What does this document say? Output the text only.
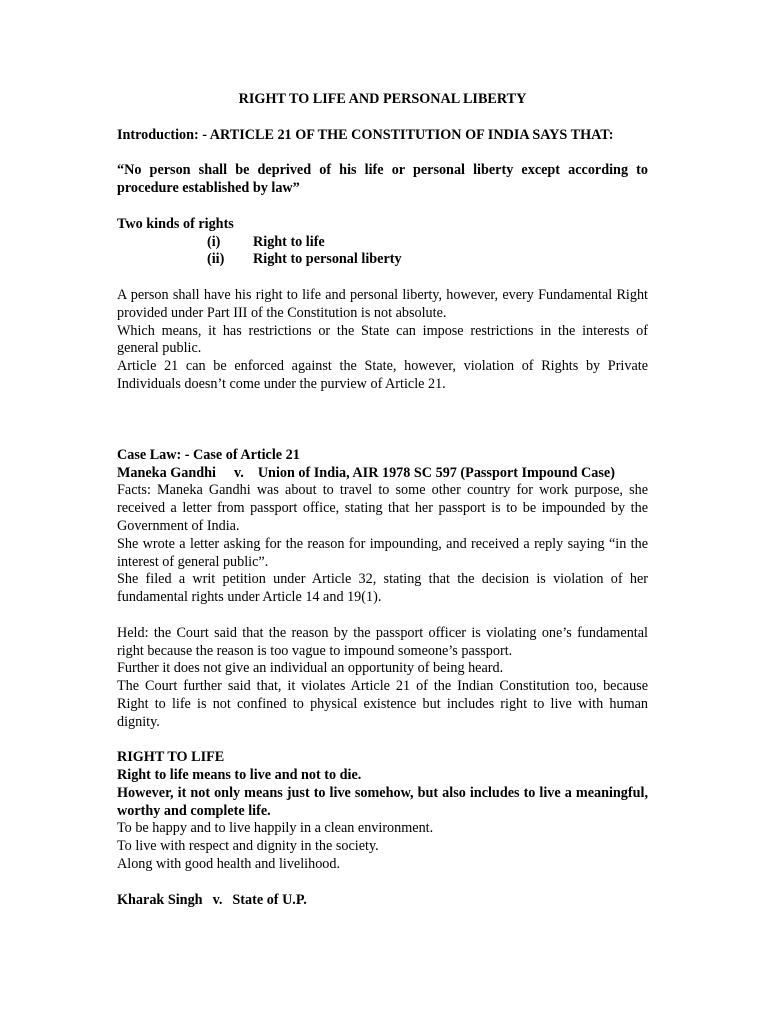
RIGHT TO LIFE AND PERSONAL LIBERTY

Introduction: - ARTICLE 21 OF THE CONSTITUTION OF INDIA SAYS THAT:

“No person shall be deprived of his life or personal liberty except according to procedure established by law”

Two kinds of rights

(i)	Right to life
(ii)	Right to personal liberty

A person shall have his right to life and personal liberty, however, every Fundamental Right provided under Part III of the Constitution is not absolute.

Which means, it has restrictions or the State can impose restrictions in the interests of general public.

Article 21 can be enforced against the State, however, violation of Rights by Private Individuals doesn’t come under the purview of Article 21.

Case Law: - Case of Article 21

Maneka Gandhi v. Union of India, AIR 1978 SC 597 (Passport Impound Case)

Facts: Maneka Gandhi was about to travel to some other country for work purpose, she received a letter from passport office, stating that her passport is to be impounded by the Government of India.

She wrote a letter asking for the reason for impounding, and received a reply saying “in the interest of general public”.

She filed a writ petition under Article 32, stating that the decision is violation of her fundamental rights under Article 14 and 19(1).

Held: the Court said that the reason by the passport officer is violating one’s fundamental right because the reason is too vague to impound someone’s passport.

Further it does not give an individual an opportunity of being heard.

The Court further said that, it violates Article 21 of the Indian Constitution too, because Right to life is not confined to physical existence but includes right to live with human dignity.

RIGHT TO LIFE

Right to life means to live and not to die.

However, it not only means just to live somehow, but also includes to live a meaningful, worthy and complete life.

To be happy and to live happily in a clean environment.

To live with respect and dignity in the society.

Along with good health and livelihood.

Kharak Singh v. State of U.P.
